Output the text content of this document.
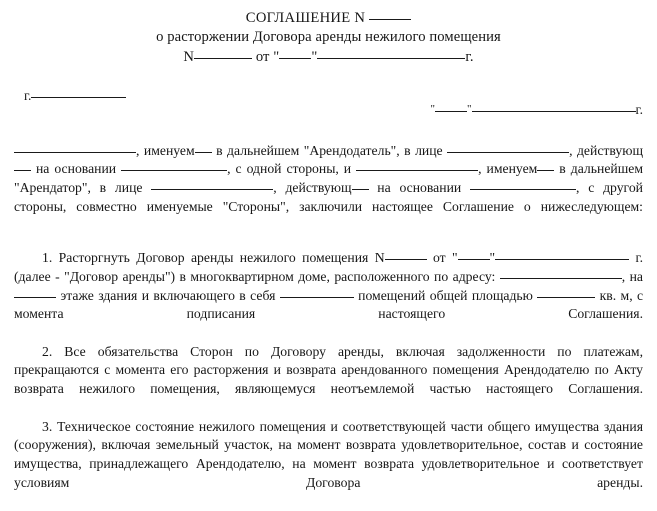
СОГЛАШЕНИЕ N
о расторжении Договора аренды нежилого помещения
N	от " "	г.
г.
"	"	г.

, именуем в дальнейшем "Арендодатель", в лице	, действующ на основании	, с одной стороны, и	, именуем в дальнейшем "Арендатор", в лице	, действующ на основании	, с другой стороны, совместно именуемые "Стороны", заключили настоящее Соглашение о нижеследующем:

1. Расторгнуть Договор аренды нежилого помещения N	от " "	г. (далее - "Договор аренды") в многоквартирном доме, расположенного по адресу:	, на  этаже здания и включающего в себя	помещений общей площадью	кв. м, с момента подписания настоящего Соглашения.

2. Все обязательства Сторон по Договору аренды, включая задолженности по платежам, прекращаются с момента его расторжения и возврата арендованного помещения Арендодателю по Акту возврата нежилого помещения, являющемуся неотъемлемой частью настоящего Соглашения.

3. Техническое состояние нежилого помещения и соответствующей части общего имущества здания (сооружения), включая земельный участок, на момент возврата удовлетворительное, состав и состояние имущества, принадлежащего Арендодателю, на момент возврата удовлетворительное и соответствует условиям Договора аренды.
